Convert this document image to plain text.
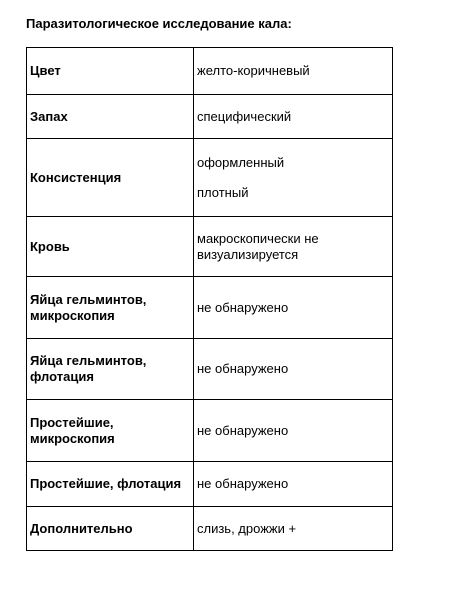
Паразитологическое исследование кала:
Цвет	желто-коричневый

Запах	специфический

Консистенция	оформленный
плотный

Кровь	макроскопически не визуализируется

Яйца гельминтов, микроскопия	не обнаружено

Яйца гельминтов, флотация	не обнаружено

Простейшие, микроскопия	не обнаружено

Простейшие, флотация	не обнаружено

Дополнительно	слизь, дрожжи +
